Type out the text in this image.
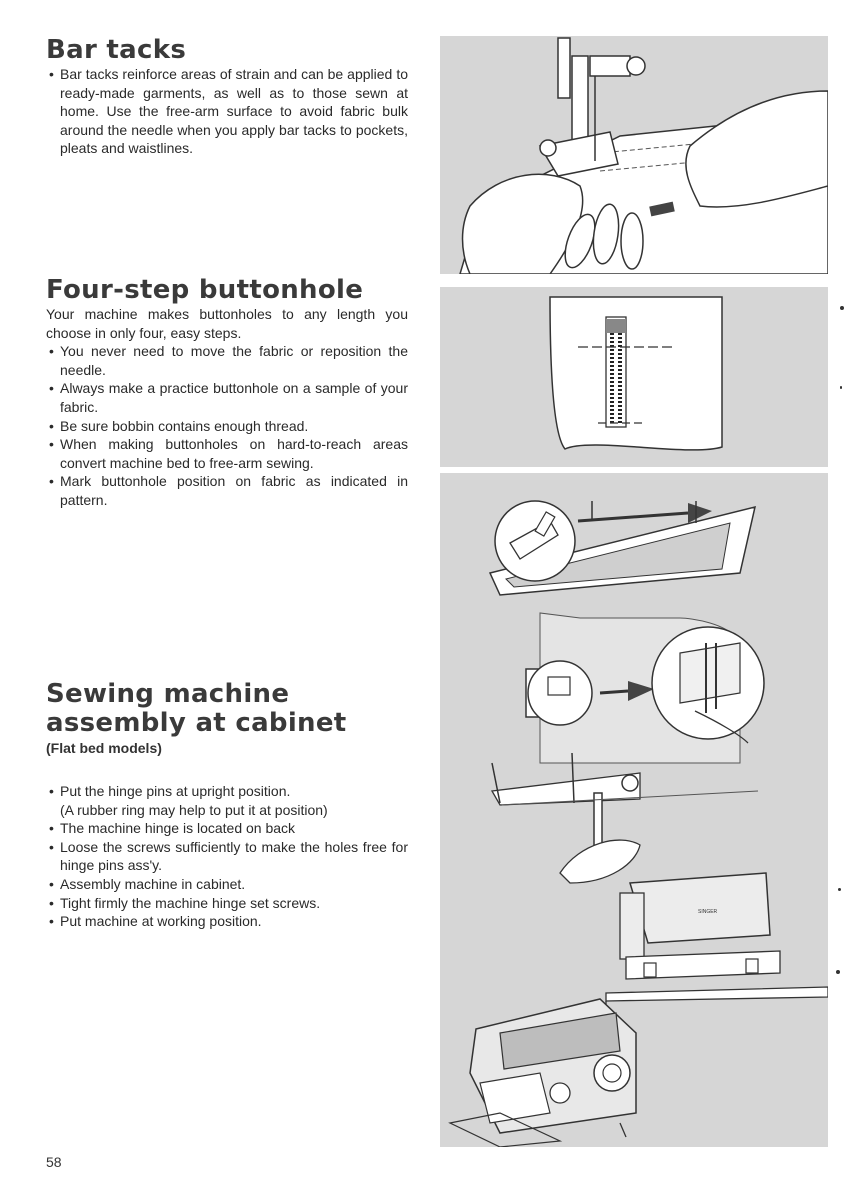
Bar tacks
• Bar tacks reinforce areas of strain and can be applied to ready-made garments, as well as to those sewn at home. Use the free-arm surface to avoid fabric bulk around the needle when you apply bar tacks to pockets, pleats and waistlines.
Four-step buttonhole

Your machine makes buttonholes to any length you choose in only four, easy steps.

• You never need to move the fabric or reposition the needle.
• Always make a practice buttonhole on a sample of your fabric.
• Be sure bobbin contains enough thread.
• When making buttonholes on hard-to-reach areas convert machine bed to free-arm sewing.
• Mark buttonhole position on fabric as indicated in pattern.
Sewing machine
assembly at cabinet
(Flat bed models)
• Put the hinge pins at upright position.
(A rubber ring may help to put it at position)
• The machine hinge is located on back
• Loose the screws sufficiently to make the holes free for hinge pins ass'y.
• Assembly machine in cabinet.
• Tight firmly the machine hinge set screws.
• Put machine at working position.
58
SINGER
